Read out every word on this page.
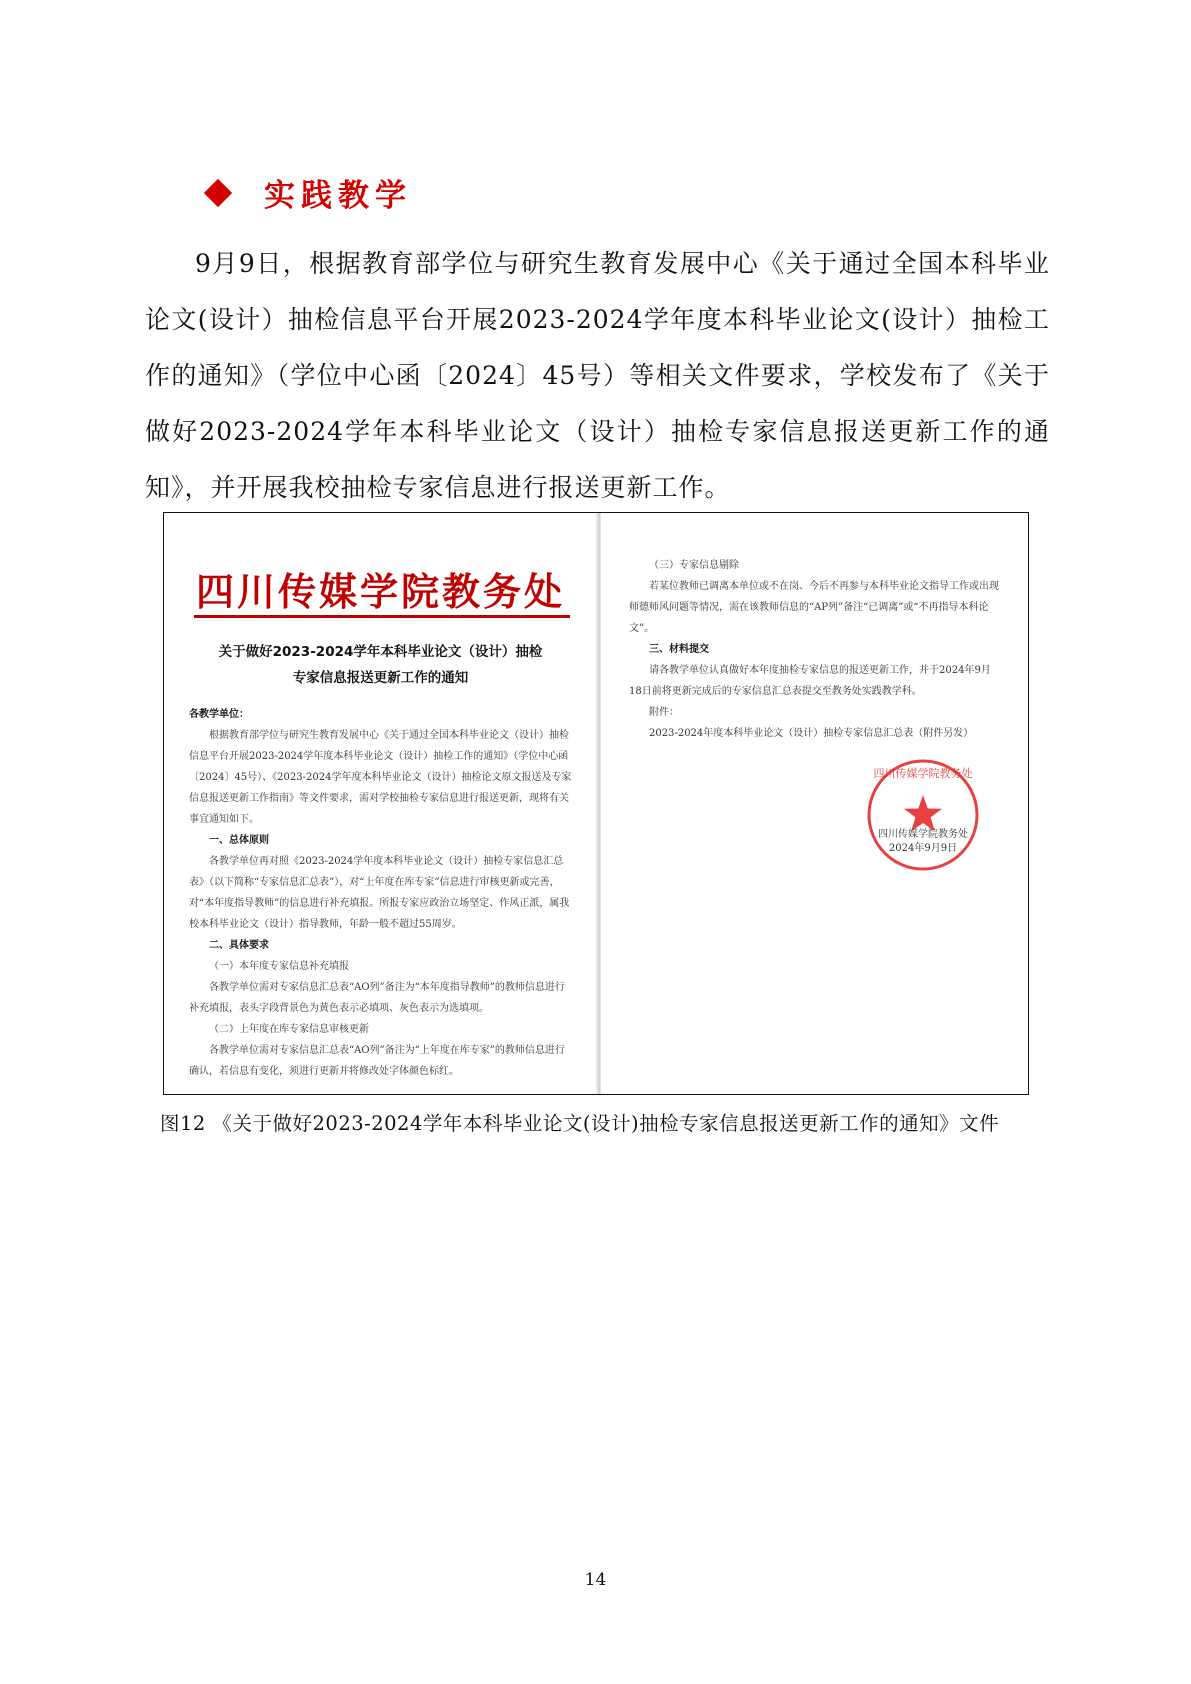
实践教学

9月9日，根据教育部学位与研究生教育发展中心《关于通过全国本科毕业论文(设计）抽检信息平台开展2023-2024学年度本科毕业论文(设计）抽检工作的通知》（学位中心函〔2024〕45号）等相关文件要求，学校发布了《关于做好2023-2024学年本科毕业论文（设计）抽检专家信息报送更新工作的通知》，并开展我校抽检专家信息进行报送更新工作。

四川传媒学院教务处
关于做好2023-2024学年本科毕业论文（设计）抽检
专家信息报送更新工作的通知

各教学单位：

根据教育部学位与研究生教育发展中心《关于通过全国本科毕业论文（设计）抽检信息平台开展2023-2024学年度本科毕业论文（设计）抽检工作的通知》（学位中心函〔2024〕45号）、《2023-2024学年度本科毕业论文（设计）抽检论文原文报送及专家信息报送更新工作指南》等文件要求，需对学校抽检专家信息进行报送更新，现将有关事宜通知如下。

一、总体原则

各教学单位再对照《2023-2024学年度本科毕业论文（设计）抽检专家信息汇总表》（以下简称“专家信息汇总表”），对“上年度在库专家”信息进行审核更新或完善，对“本年度指导教师”的信息进行补充填报。所报专家应政治立场坚定、作风正派，属我校本科毕业论文（设计）指导教师，年龄一般不超过55周岁。

二、具体要求

（一）本年度专家信息补充填报

各教学单位需对专家信息汇总表“AO列”备注为“本年度指导教师”的教师信息进行补充填报，表头字段背景色为黄色表示必填项、灰色表示为选填项。

（二）上年度在库专家信息审核更新

各教学单位需对专家信息汇总表“AO列”备注为“上年度在库专家”的教师信息进行确认，若信息有变化，须进行更新并将修改处字体颜色标红。

（三）专家信息剔除

若某位教师已调离本单位或不在岗、今后不再参与本科毕业论文指导工作或出现师德师风问题等情况，需在该教师信息的“AP列”备注“已调离”或“不再指导本科论文”。

三、材料提交

请各教学单位认真做好本年度抽检专家信息的报送更新工作，并于2024年9月18日前将更新完成后的专家信息汇总表提交至教务处实践教学科。

附件：

2023-2024年度本科毕业论文（设计）抽检专家信息汇总表（附件另发）

四川传媒学院教务处
四川传媒学院教务处
2024年9月9日
图12 《关于做好2023-2024学年本科毕业论文(设计)抽检专家信息报送更新工作的通知》文件
14
